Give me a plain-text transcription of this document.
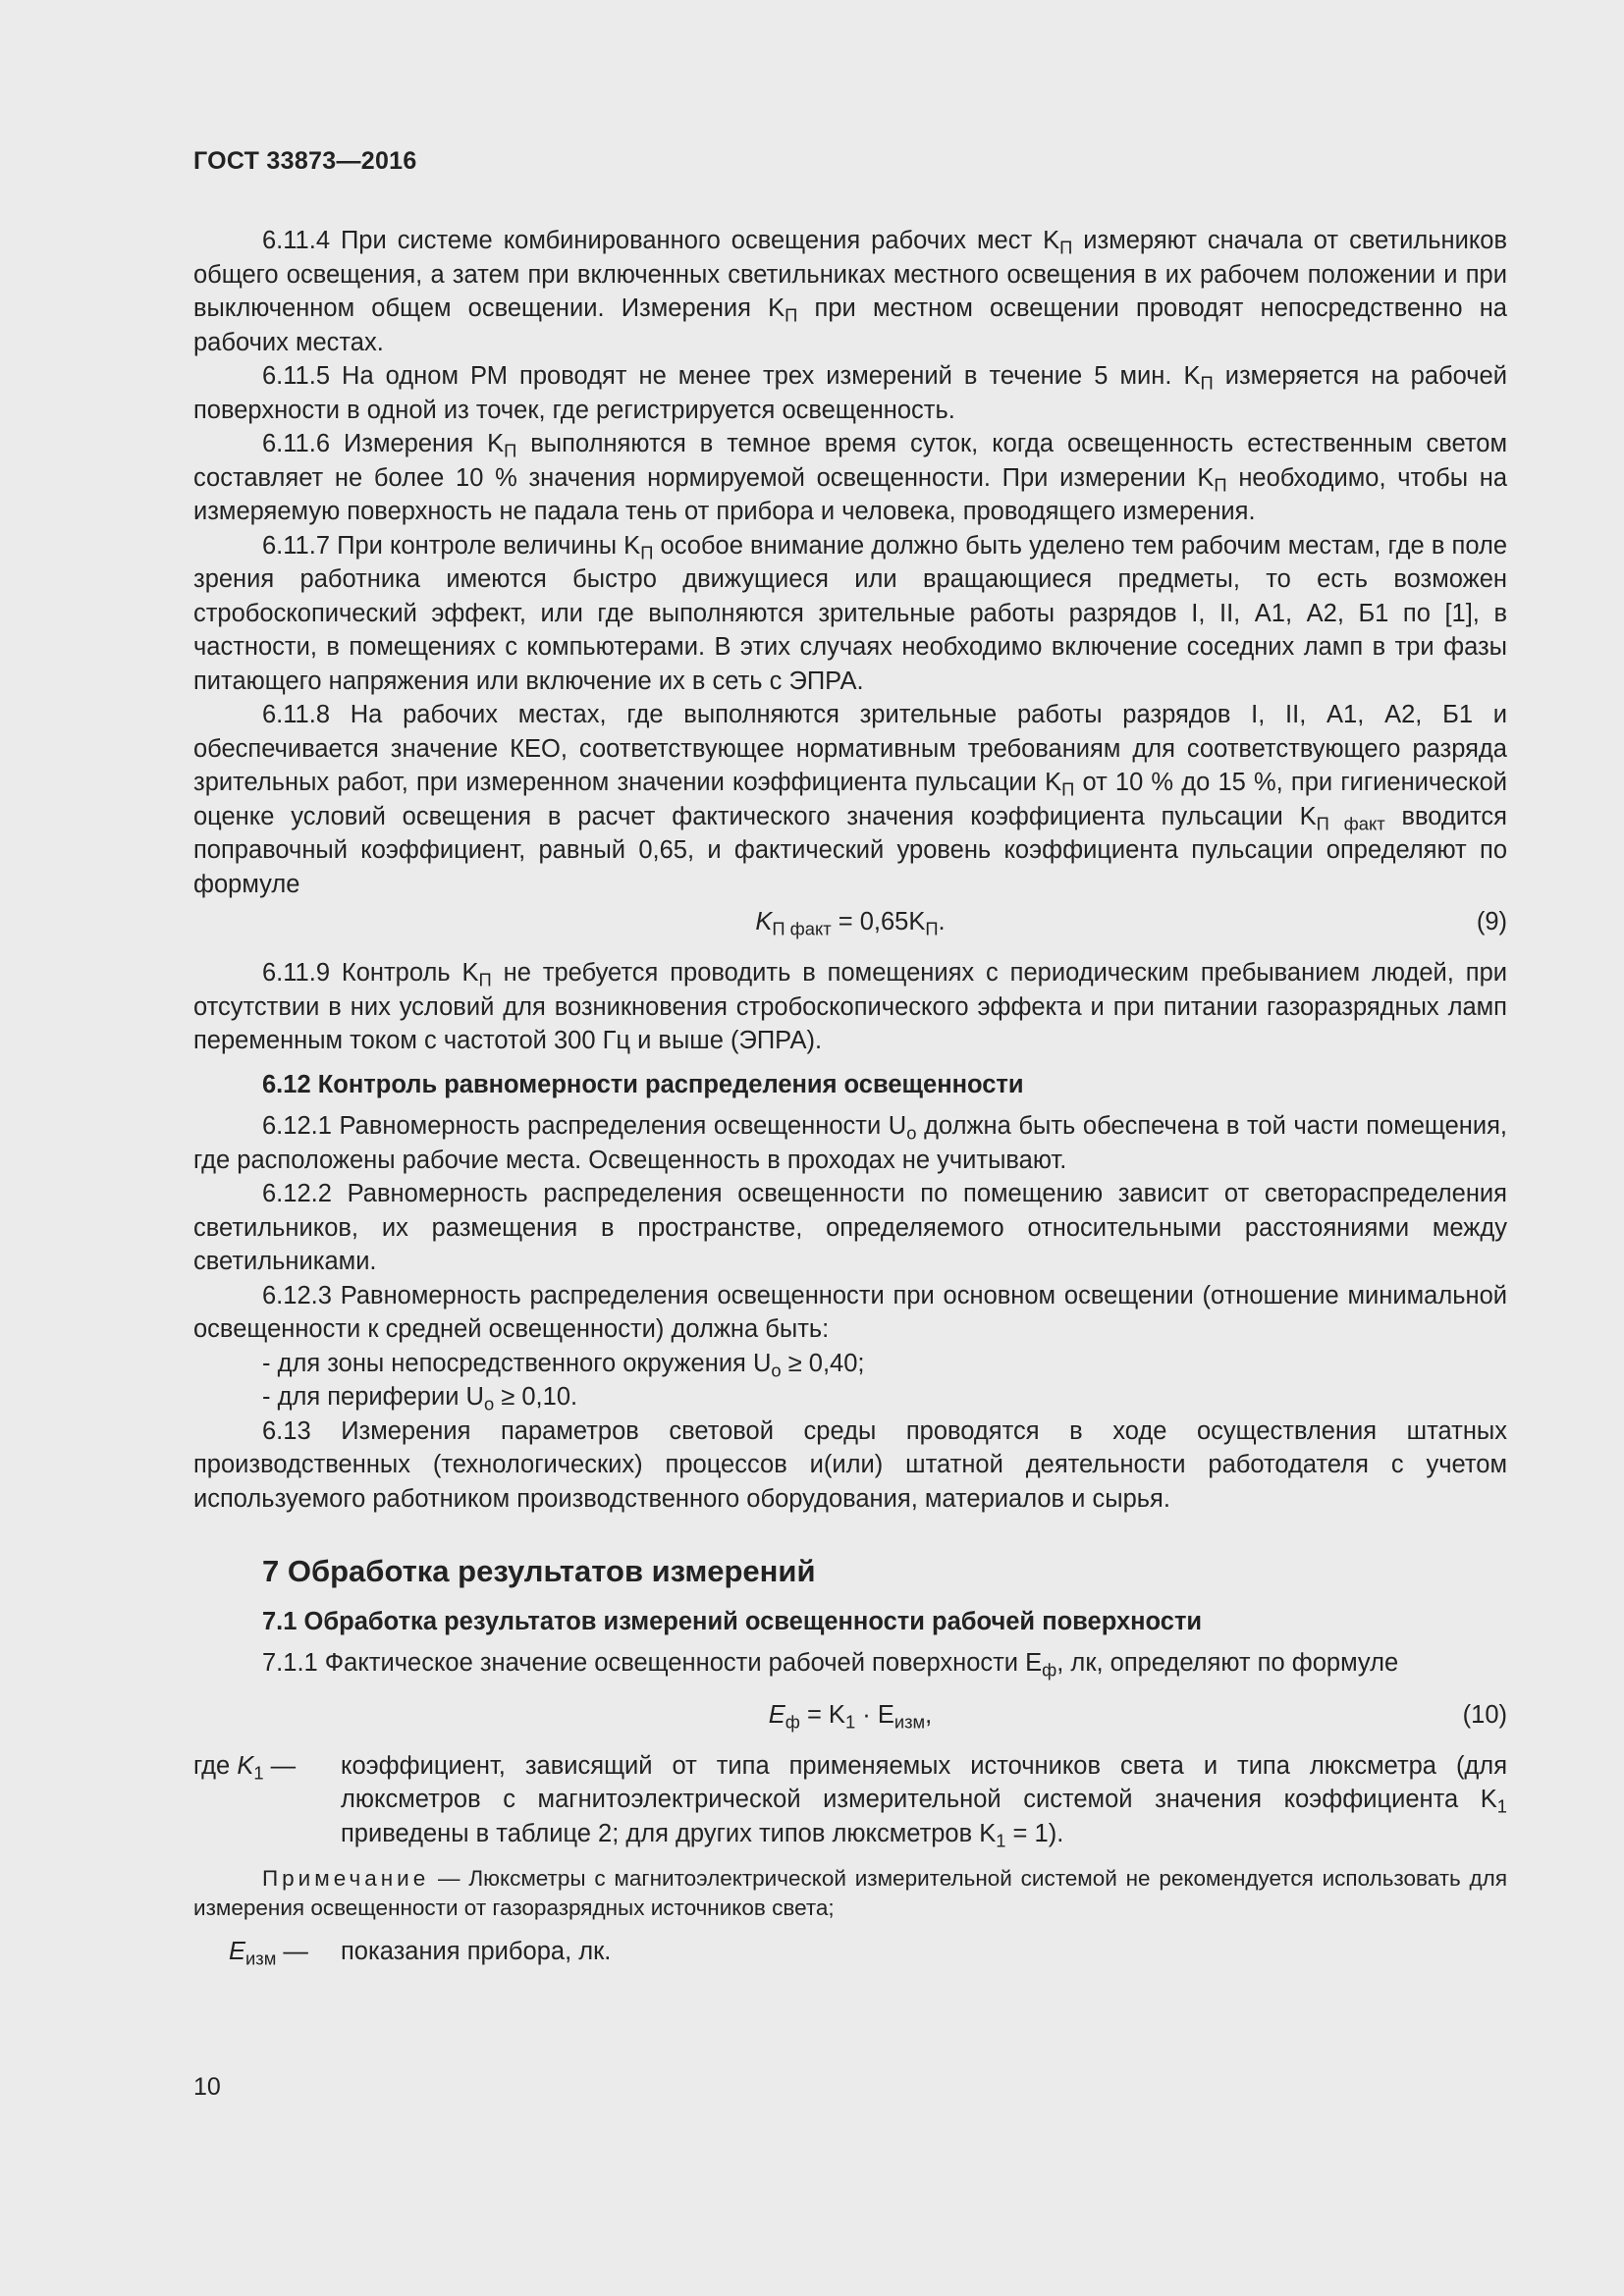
ГОСТ 33873—2016

6.11.4 При системе комбинированного освещения рабочих мест $K_П$ измеряют сначала от светильников общего освещения, а затем при включенных светильниках местного освещения в их рабочем положении и при выключенном общем освещении. Измерения $K_П$ при местном освещении проводят непосредственно на рабочих местах.

6.11.5 На одном РМ проводят не менее трех измерений в течение 5 мин. $K_П$ измеряется на рабочей поверхности в одной из точек, где регистрируется освещенность.

6.11.6 Измерения $K_П$ выполняются в темное время суток, когда освещенность естественным светом составляет не более 10 % значения нормируемой освещенности. При измерении $K_П$ необходимо, чтобы на измеряемую поверхность не падала тень от прибора и человека, проводящего измерения.

6.11.7 При контроле величины $K_П$ особое внимание должно быть уделено тем рабочим местам, где в поле зрения работника имеются быстро движущиеся или вращающиеся предметы, то есть возможен стробоскопический эффект, или где выполняются зрительные работы разрядов I, II, А1, А2, Б1 по [1], в частности, в помещениях с компьютерами. В этих случаях необходимо включение соседних ламп в три фазы питающего напряжения или включение их в сеть с ЭПРА.

6.11.8 На рабочих местах, где выполняются зрительные работы разрядов I, II, А1, А2, Б1 и обеспечивается значение КЕО, соответствующее нормативным требованиям для соответствующего разряда зрительных работ, при измеренном значении коэффициента пульсации $K_П$ от 10 % до 15 %, при гигиенической оценке условий освещения в расчет фактического значения коэффициента пульсации $K_{П факт}$ вводится поправочный коэффициент, равный 0,65, и фактический уровень коэффициента пульсации определяют по формуле

$K_{П факт} = 0,65K_П$.	(9)

6.11.9 Контроль $K_П$ не требуется проводить в помещениях с периодическим пребыванием людей, при отсутствии в них условий для возникновения стробоскопического эффекта и при питании газоразрядных ламп переменным током с частотой 300 Гц и выше (ЭПРА).

6.12 Контроль равномерности распределения освещенности

6.12.1 Равномерность распределения освещенности $U_о$ должна быть обеспечена в той части помещения, где расположены рабочие места. Освещенность в проходах не учитывают.

6.12.2 Равномерность распределения освещенности по помещению зависит от светораспределения светильников, их размещения в пространстве, определяемого относительными расстояниями между светильниками.

6.12.3 Равномерность распределения освещенности при основном освещении (отношение минимальной освещенности к средней освещенности) должна быть:

- для зоны непосредственного окружения $U_о \ge 0,40$;
- для периферии $U_о \ge 0,10$.

6.13 Измерения параметров световой среды проводятся в ходе осуществления штатных производственных (технологических) процессов и(или) штатной деятельности работодателя с учетом используемого работником производственного оборудования, материалов и сырья.

7 Обработка результатов измерений
7.1 Обработка результатов измерений освещенности рабочей поверхности

7.1.1 Фактическое значение освещенности рабочей поверхности $E_ф$, лк, определяют по формуле

$E_ф = K_1 \cdot E_{изм}$,	(10)
где $K_1$ —	коэффициент, зависящий от типа применяемых источников света и типа люксметра (для люксметров с магнитоэлектрической измерительной системой значения коэффициента $K_1$ приведены в таблице 2; для других типов люксметров $K_1 = 1$).
Примечание — Люксметры с магнитоэлектрической измерительной системой не рекомендуется использовать для измерения освещенности от газоразрядных источников света;
$E_{изм}$ —	показания прибора, лк.
10
